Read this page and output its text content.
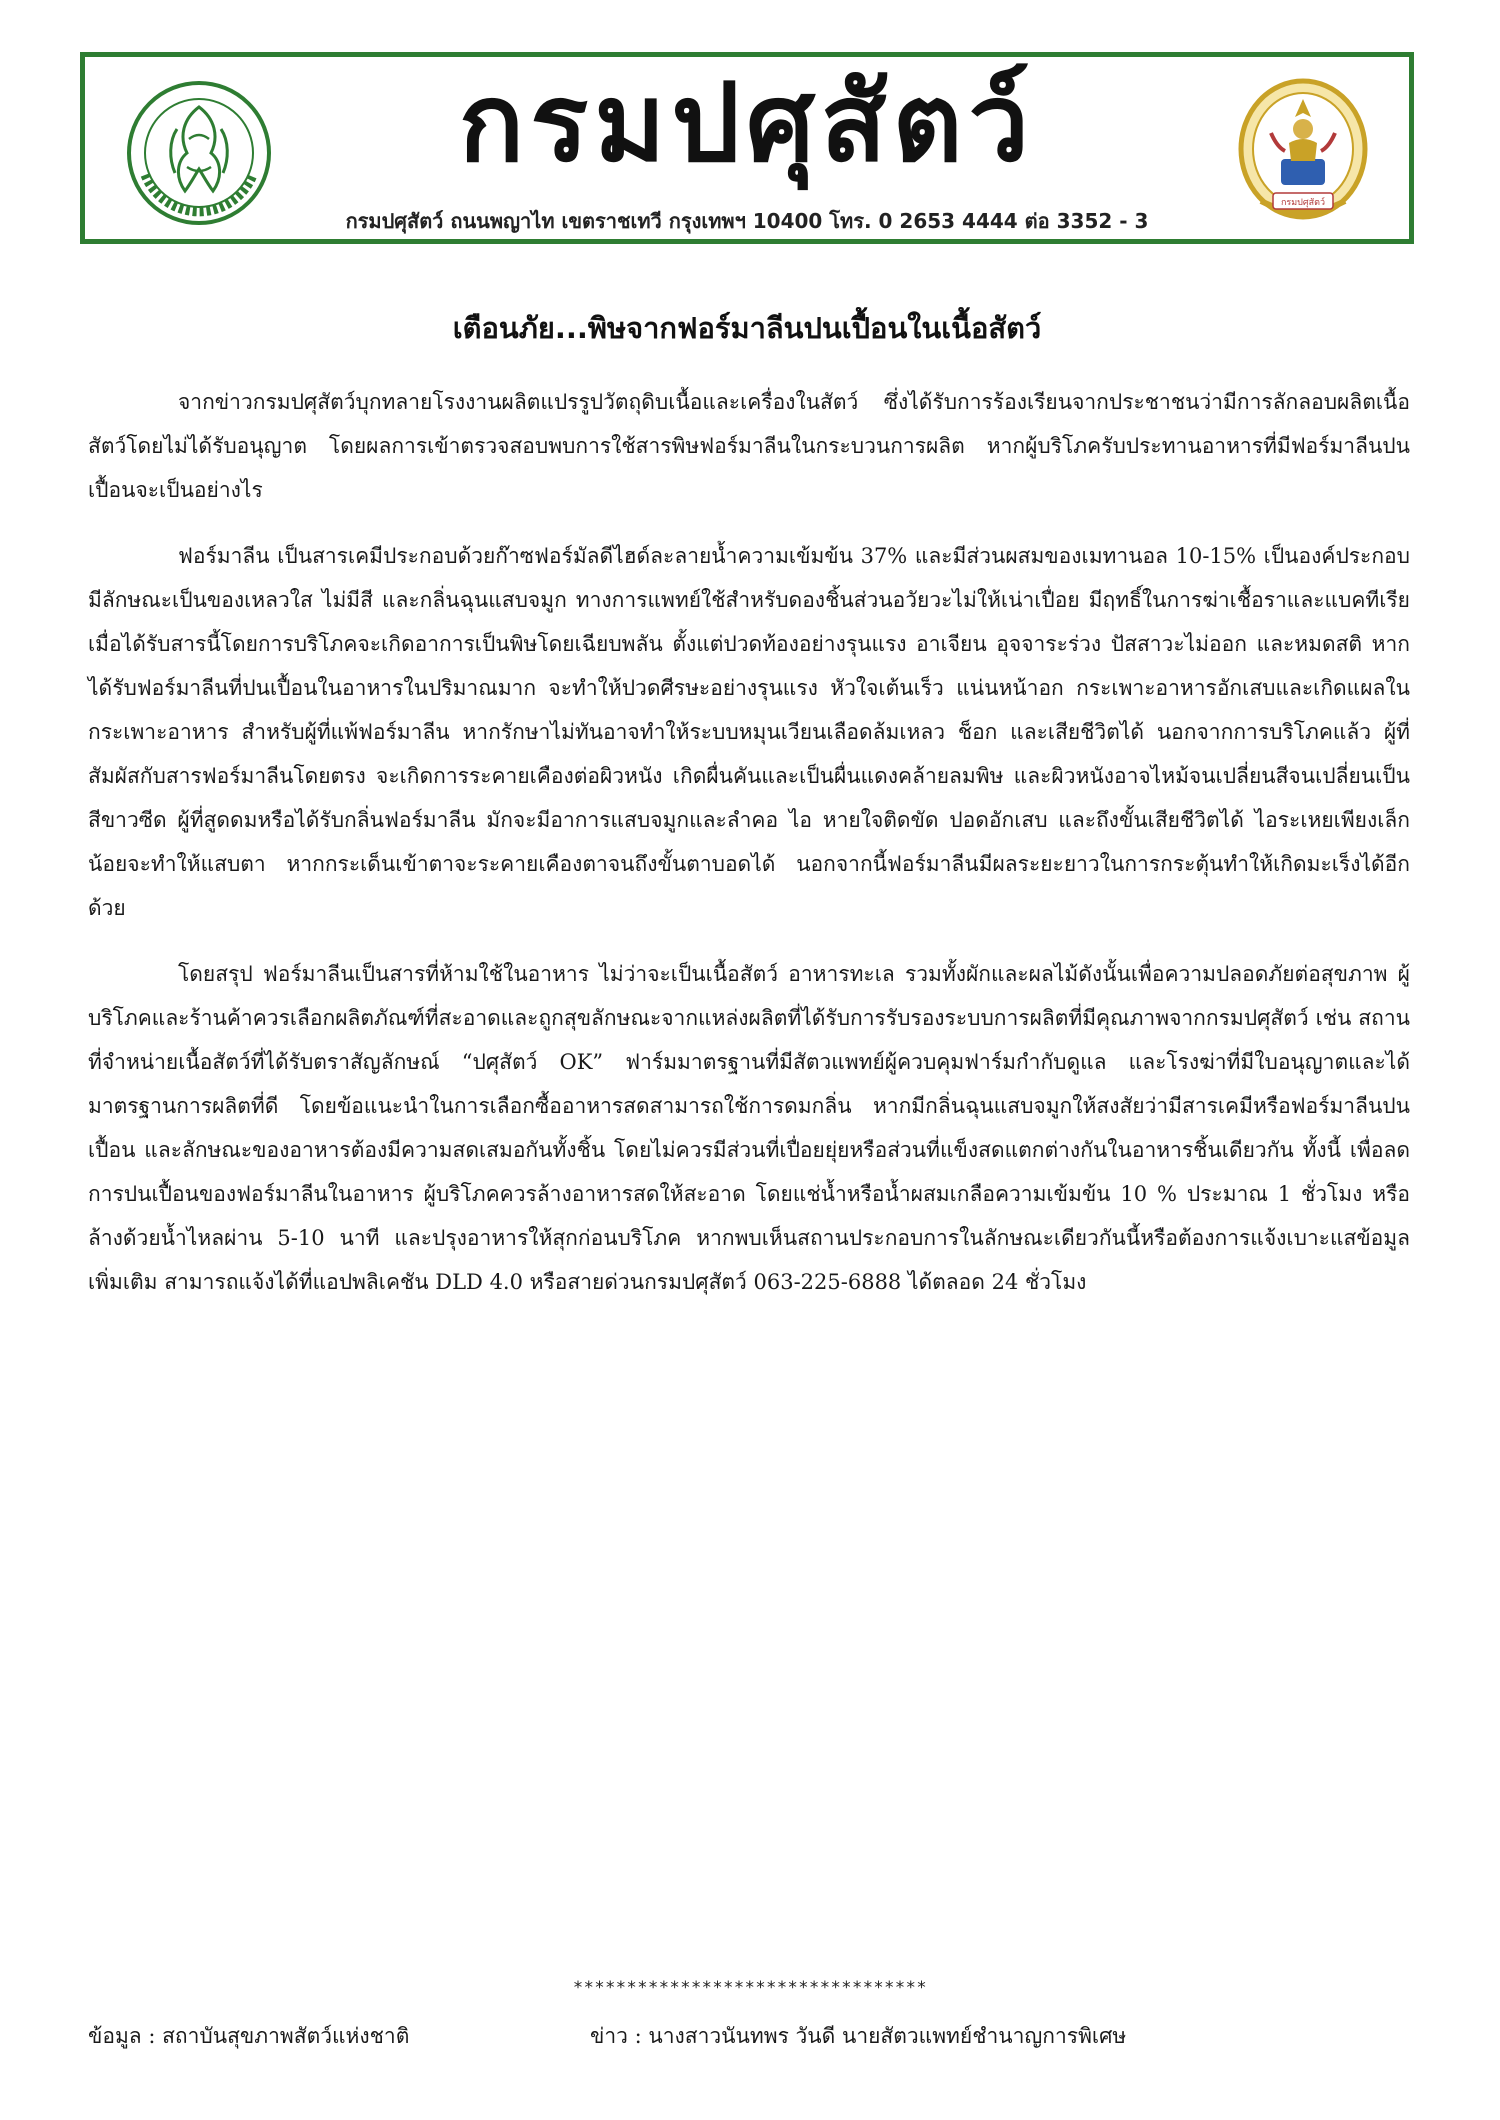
กรมปศุสัตว์
กรมปศุสัตว์ ถนนพญาไท เขตราชเทวี กรุงเทพฯ 10400 โทร. 0 2653 4444 ต่อ 3352 - 3
กรมปศุสัตว์
เตือนภัย...พิษจากฟอร์มาลีนปนเปื้อนในเนื้อสัตว์

จากข่าวกรมปศุสัตว์บุกทลายโรงงานผลิตแปรรูปวัตถุดิบเนื้อและเครื่องในสัตว์ ซึ่งได้รับการร้องเรียนจากประชาชนว่ามีการลักลอบผลิตเนื้อสัตว์โดยไม่ได้รับอนุญาต โดยผลการเข้าตรวจสอบพบการใช้สารพิษฟอร์มาลีนในกระบวนการผลิต หากผู้บริโภครับประทานอาหารที่มีฟอร์มาลีนปนเปื้อนจะเป็นอย่างไร

ฟอร์มาลีน เป็นสารเคมีประกอบด้วยก๊าซฟอร์มัลดีไฮด์ละลายน้ำความเข้มข้น 37% และมีส่วนผสมของเมทานอล 10-15% เป็นองค์ประกอบ มีลักษณะเป็นของเหลวใส ไม่มีสี และกลิ่นฉุนแสบจมูก ทางการแพทย์ใช้สำหรับดองชิ้นส่วนอวัยวะไม่ให้เน่าเปื่อย มีฤทธิ์ในการฆ่าเชื้อราและแบคทีเรีย เมื่อได้รับสารนี้โดยการบริโภคจะเกิดอาการเป็นพิษโดยเฉียบพลัน ตั้งแต่ปวดท้องอย่างรุนแรง อาเจียน อุจจาระร่วง ปัสสาวะไม่ออก และหมดสติ หากได้รับฟอร์มาลีนที่ปนเปื้อนในอาหารในปริมาณมาก จะทำให้ปวดศีรษะอย่างรุนแรง หัวใจเต้นเร็ว แน่นหน้าอก กระเพาะอาหารอักเสบและเกิดแผลในกระเพาะอาหาร สำหรับผู้ที่แพ้ฟอร์มาลีน หากรักษาไม่ทันอาจทำให้ระบบหมุนเวียนเลือดล้มเหลว ช็อก และเสียชีวิตได้ นอกจากการบริโภคแล้ว ผู้ที่สัมผัสกับสารฟอร์มาลีนโดยตรง จะเกิดการระคายเคืองต่อผิวหนัง เกิดผื่นคันและเป็นผื่นแดงคล้ายลมพิษ และผิวหนังอาจไหม้จนเปลี่ยนสีจนเปลี่ยนเป็นสีขาวซีด ผู้ที่สูดดมหรือได้รับกลิ่นฟอร์มาลีน มักจะมีอาการแสบจมูกและลำคอ ไอ หายใจติดขัด ปอดอักเสบ และถึงขั้นเสียชีวิตได้ ไอระเหยเพียงเล็กน้อยจะทำให้แสบตา หากกระเด็นเข้าตาจะระคายเคืองตาจนถึงขั้นตาบอดได้ นอกจากนี้ฟอร์มาลีนมีผลระยะยาวในการกระตุ้นทำให้เกิดมะเร็งได้อีกด้วย

โดยสรุป ฟอร์มาลีนเป็นสารที่ห้ามใช้ในอาหาร ไม่ว่าจะเป็นเนื้อสัตว์ อาหารทะเล รวมทั้งผักและผลไม้ดังนั้นเพื่อความปลอดภัยต่อสุขภาพ ผู้บริโภคและร้านค้าควรเลือกผลิตภัณฑ์ที่สะอาดและถูกสุขลักษณะจากแหล่งผลิตที่ได้รับการรับรองระบบการผลิตที่มีคุณภาพจากกรมปศุสัตว์ เช่น สถานที่จำหน่ายเนื้อสัตว์ที่ได้รับตราสัญลักษณ์ “ปศุสัตว์ OK” ฟาร์มมาตรฐานที่มีสัตวแพทย์ผู้ควบคุมฟาร์มกำกับดูแล และโรงฆ่าที่มีใบอนุญาตและได้มาตรฐานการผลิตที่ดี โดยข้อแนะนำในการเลือกซื้ออาหารสดสามารถใช้การดมกลิ่น หากมีกลิ่นฉุนแสบจมูกให้สงสัยว่ามีสารเคมีหรือฟอร์มาลีนปนเปื้อน และลักษณะของอาหารต้องมีความสดเสมอกันทั้งชิ้น โดยไม่ควรมีส่วนที่เปื่อยยุ่ยหรือส่วนที่แข็งสดแตกต่างกันในอาหารชิ้นเดียวกัน ทั้งนี้ เพื่อลดการปนเปื้อนของฟอร์มาลีนในอาหาร ผู้บริโภคควรล้างอาหารสดให้สะอาด โดยแช่น้ำหรือน้ำผสมเกลือความเข้มข้น 10 % ประมาณ 1 ชั่วโมง หรือล้างด้วยน้ำไหลผ่าน 5-10 นาที และปรุงอาหารให้สุกก่อนบริโภค หากพบเห็นสถานประกอบการในลักษณะเดียวกันนี้หรือต้องการแจ้งเบาะแสข้อมูลเพิ่มเติม สามารถแจ้งได้ที่แอปพลิเคชัน DLD 4.0 หรือสายด่วนกรมปศุสัตว์ 063-225-6888 ได้ตลอด 24 ชั่วโมง

*********************************
ข้อมูล : สถาบันสุขภาพสัตว์แห่งชาติ	ข่าว : นางสาวนันทพร วันดี นายสัตวแพทย์ชำนาญการพิเศษ
